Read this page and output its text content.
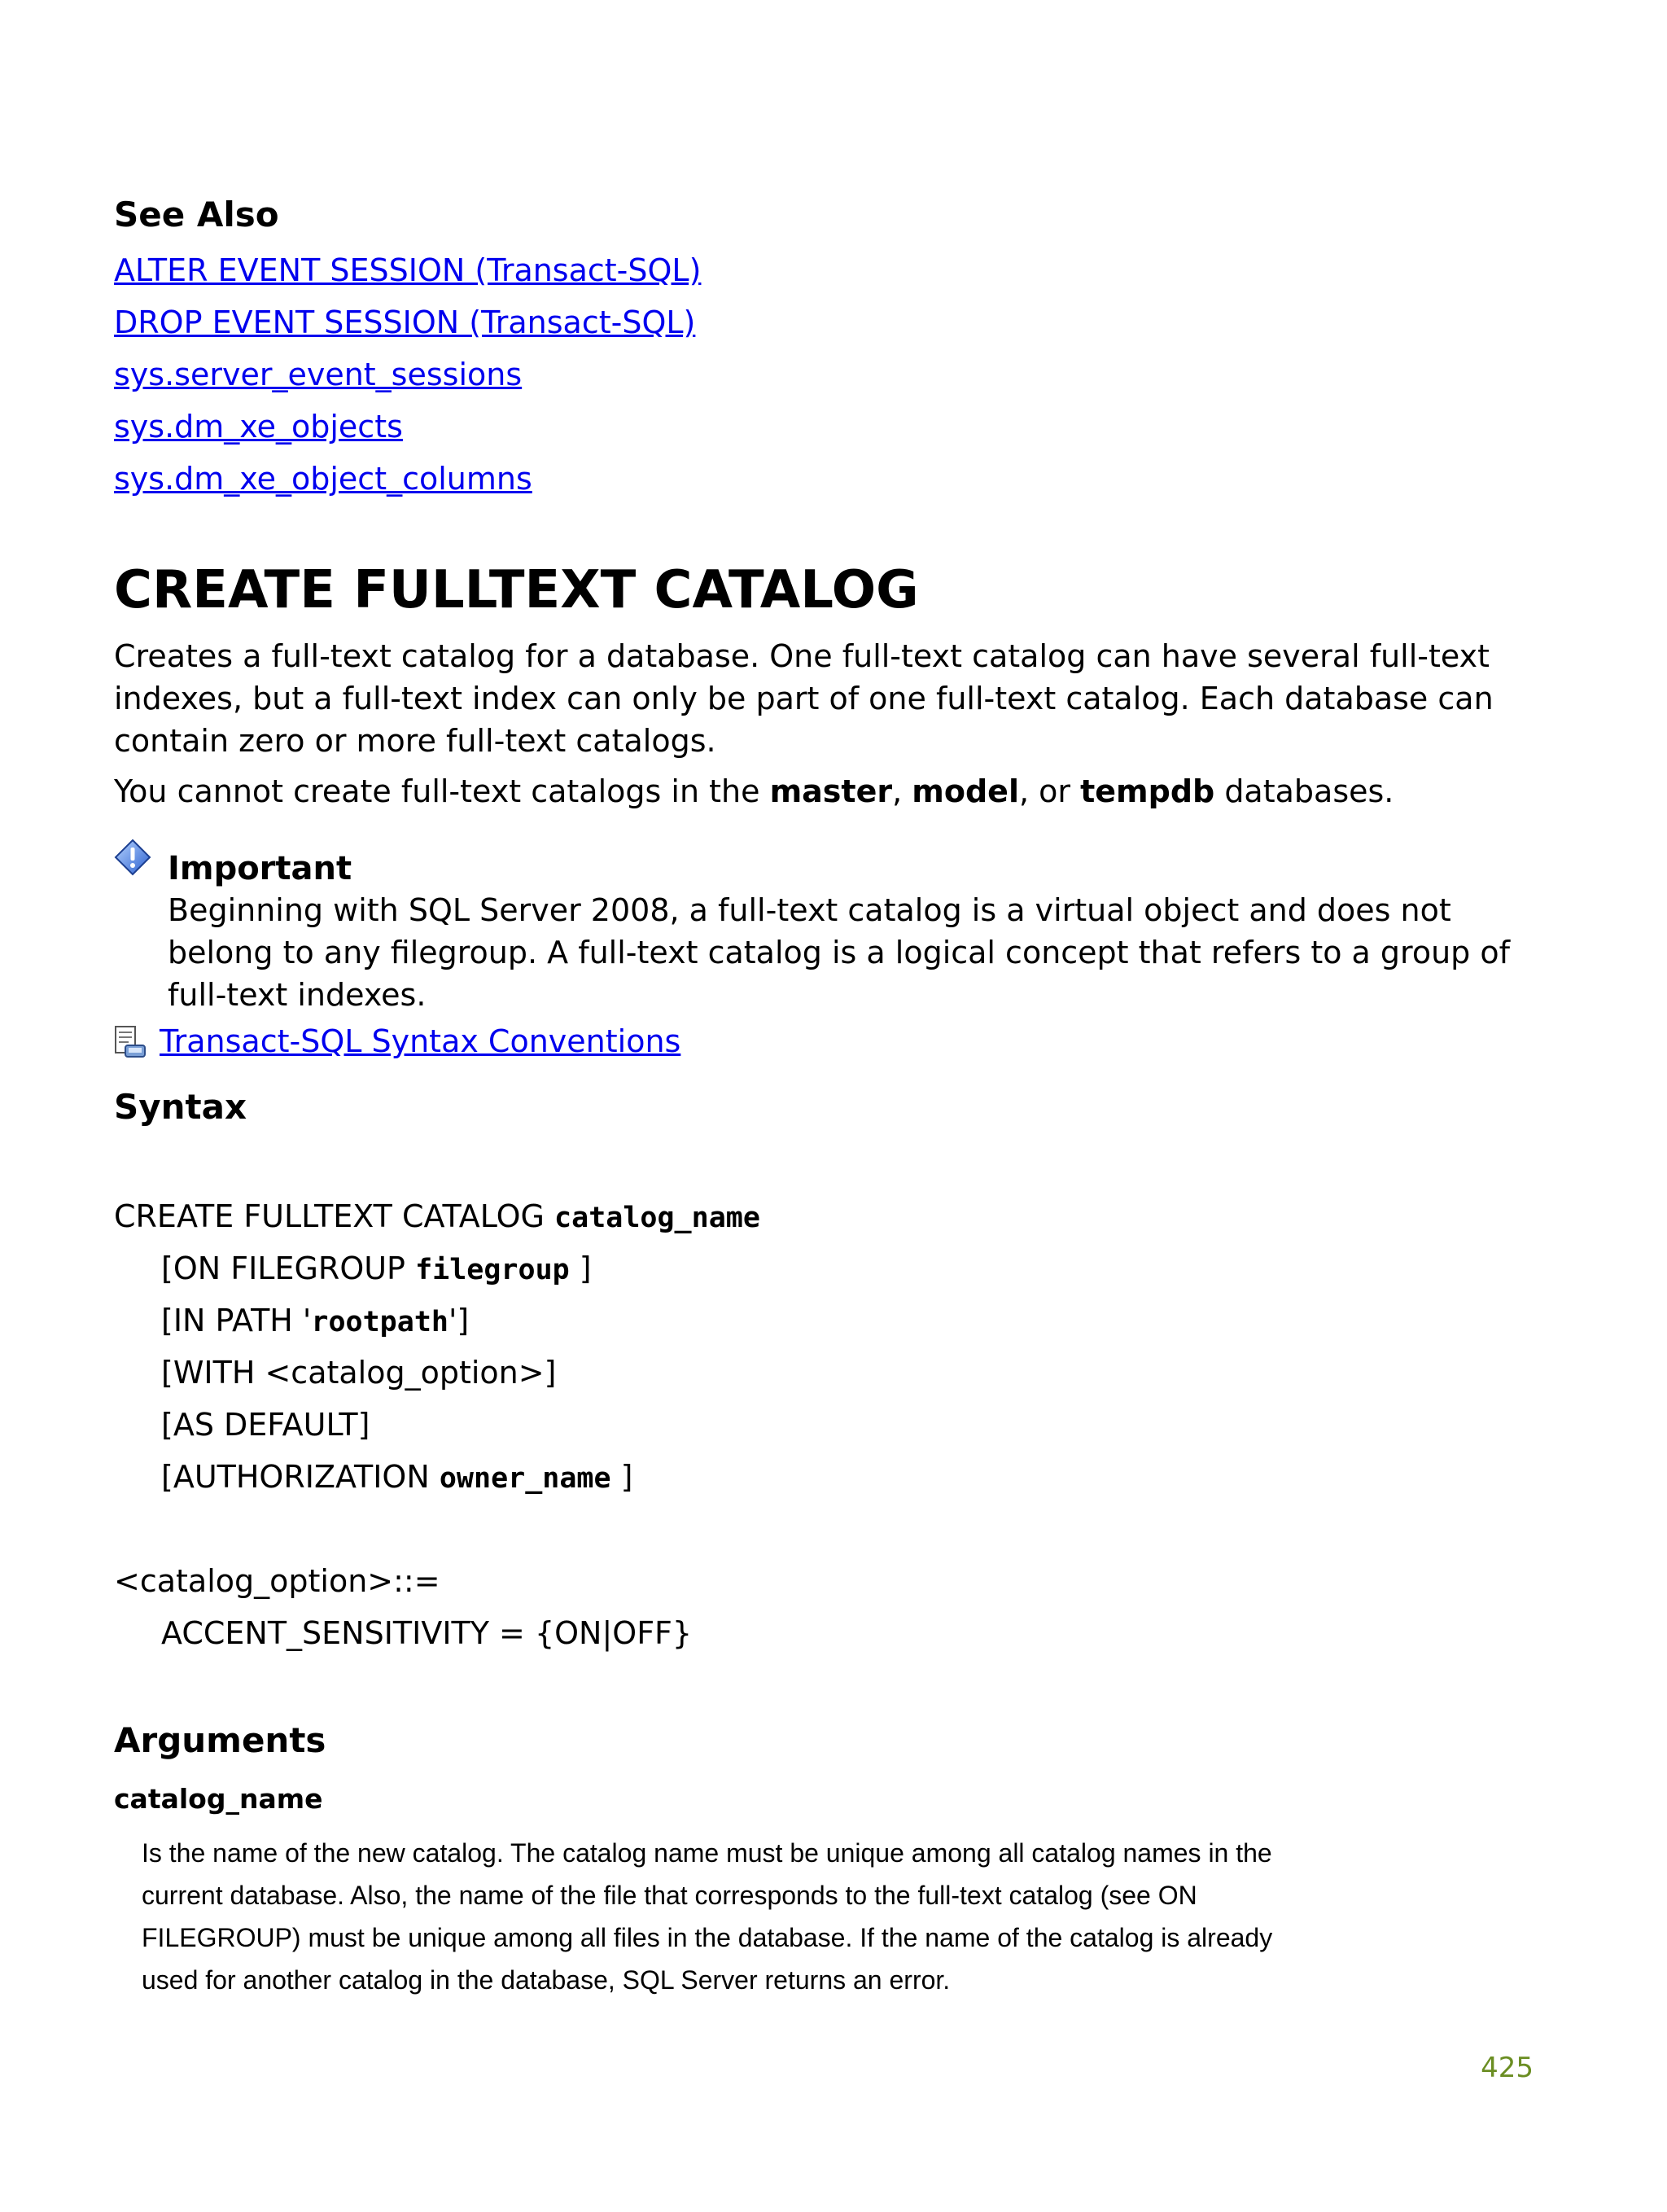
See Also
ALTER EVENT SESSION (Transact-SQL)
DROP EVENT SESSION (Transact-SQL)
sys.server_event_sessions
sys.dm_xe_objects
sys.dm_xe_object_columns
CREATE FULLTEXT CATALOG

Creates a full-text catalog for a database. One full-text catalog can have several full-text indexes, but a full-text index can only be part of one full-text catalog. Each database can contain zero or more full-text catalogs.

You cannot create full-text catalogs in the master, model, or tempdb databases.

Important

Beginning with SQL Server 2008, a full-text catalog is a virtual object and does not belong to any filegroup. A full-text catalog is a logical concept that refers to a group of full-text indexes.

Transact-SQL Syntax Conventions
Syntax
CREATE FULLTEXT CATALOG catalog_name
[ON FILEGROUP filegroup ]
[IN PATH 'rootpath']
[WITH <catalog_option>]
[AS DEFAULT]
[AUTHORIZATION owner_name ]
<catalog_option>::=
ACCENT_SENSITIVITY = {ON|OFF}
Arguments
catalog_name

Is the name of the new catalog. The catalog name must be unique among all catalog names in the current database. Also, the name of the file that corresponds to the full-text catalog (see ON FILEGROUP) must be unique among all files in the database. If the name of the catalog is already used for another catalog in the database, SQL Server returns an error.

425
